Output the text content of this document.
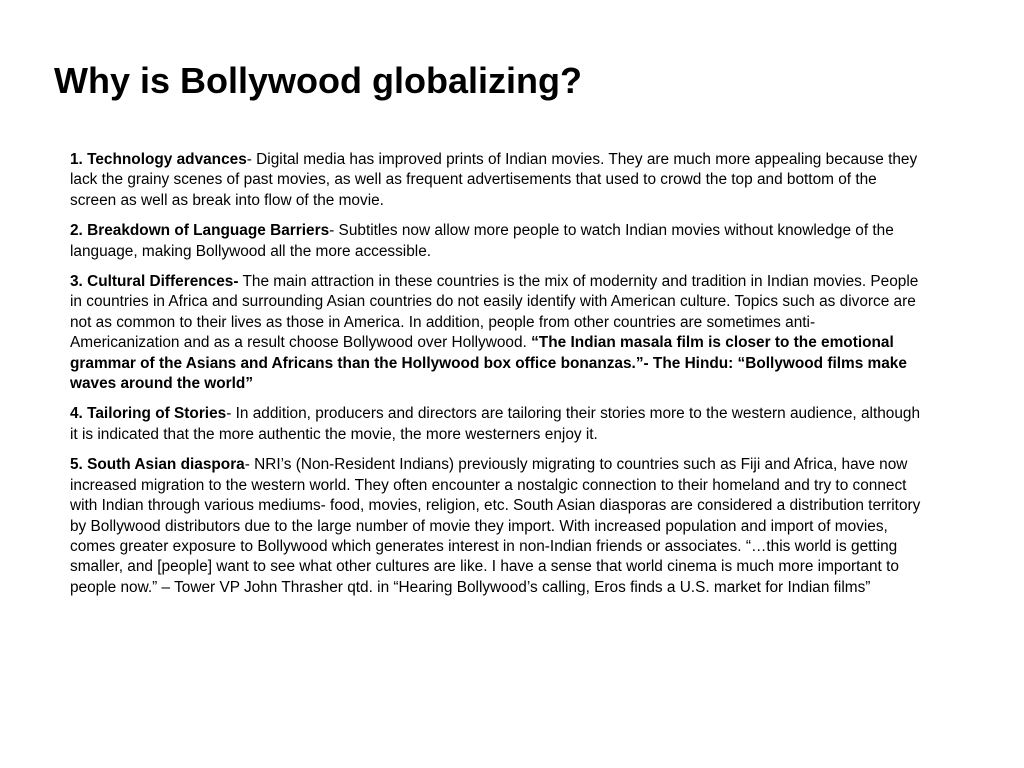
Why is Bollywood globalizing?

1. Technology advances- Digital media has improved prints of Indian movies. They are much more appealing because they lack the grainy scenes of past movies, as well as frequent advertisements that used to crowd the top and bottom of the screen as well as break into flow of the movie.

2. Breakdown of Language Barriers- Subtitles now allow more people to watch Indian movies without knowledge of the language, making Bollywood all the more accessible.

3. Cultural Differences- The main attraction in these countries is the mix of modernity and tradition in Indian movies. People in countries in Africa and surrounding Asian countries do not easily identify with American culture. Topics such as divorce are not as common to their lives as those in America. In addition, people from other countries are sometimes anti-Americanization and as a result choose Bollywood over Hollywood. “The Indian masala film is closer to the emotional grammar of the Asians and Africans than the Hollywood box office bonanzas.”- The Hindu: “Bollywood films make waves around the world”

4. Tailoring of Stories- In addition, producers and directors are tailoring their stories more to the western audience, although it is indicated that the more authentic the movie, the more westerners enjoy it.

5. South Asian diaspora- NRI’s (Non-Resident Indians) previously migrating to countries such as Fiji and Africa, have now increased migration to the western world. They often encounter a nostalgic connection to their homeland and try to connect with Indian through various mediums- food, movies, religion, etc. South Asian diasporas are considered a distribution territory by Bollywood distributors due to the large number of movie they import. With increased population and import of movies, comes greater exposure to Bollywood which generates interest in non-Indian friends or associates. “…this world is getting smaller, and [people] want to see what other cultures are like. I have a sense that world cinema is much more important to people now.” – Tower VP John Thrasher qtd. in “Hearing Bollywood’s calling, Eros finds a U.S. market for Indian films”
